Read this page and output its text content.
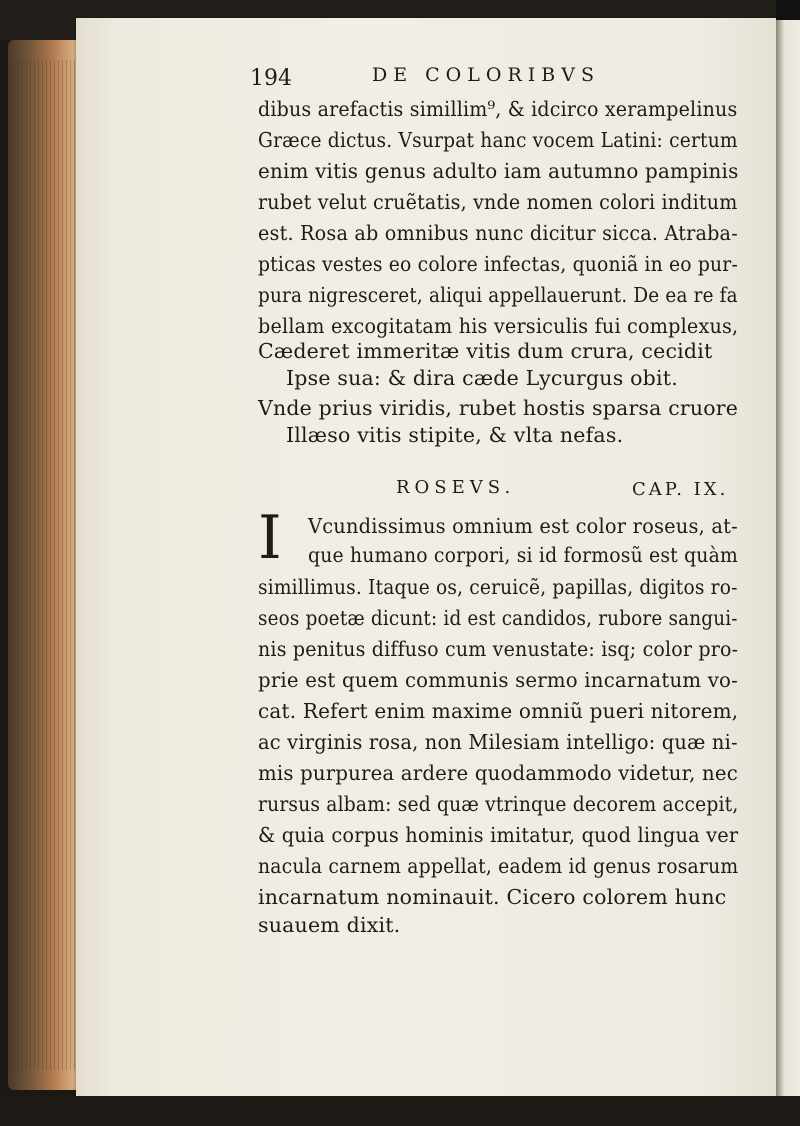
194	DE COLORIBVS
dibus arefactis simillim⁹, & idcirco xerampelinus
Græce dictus. Vsurpat hanc vocem Latini: certum
enim vitis genus adulto iam autumno pampinis
rubet velut cruẽtatis, vnde nomen colori inditum
est. Rosa ab omnibus nunc dicitur sicca. Atraba-
pticas vestes eo colore infectas, quoniã in eo pur-
pura nigresceret, aliqui appellauerunt. De ea re fa
bellam excogitatam his versiculis fui complexus,
Cæderet immeritæ vitis dum crura, cecidit
Ipse sua: & dira cæde Lycurgus obit.
Vnde prius viridis, rubet hostis sparsa cruore
Illæso vitis stipite, & vlta nefas.
ROSEVS.	CAP. IX.
I Vcundissimus omnium est color roseus, at-
que humano corpori, si id formosũ est quàm
simillimus. Itaque os, ceruicẽ, papillas, digitos ro-
seos poetæ dicunt: id est candidos, rubore sangui-
nis penitus diffuso cum venustate: isq; color pro-
prie est quem communis sermo incarnatum vo-
cat. Refert enim maxime omniũ pueri nitorem,
ac virginis rosa, non Milesiam intelligo: quæ ni-
mis purpurea ardere quodammodo videtur, nec
rursus albam: sed quæ vtrinque decorem accepit,
& quia corpus hominis imitatur, quod lingua ver
nacula carnem appellat, eadem id genus rosarum
incarnatum nominauit. Cicero colorem hunc
suauem dixit.
